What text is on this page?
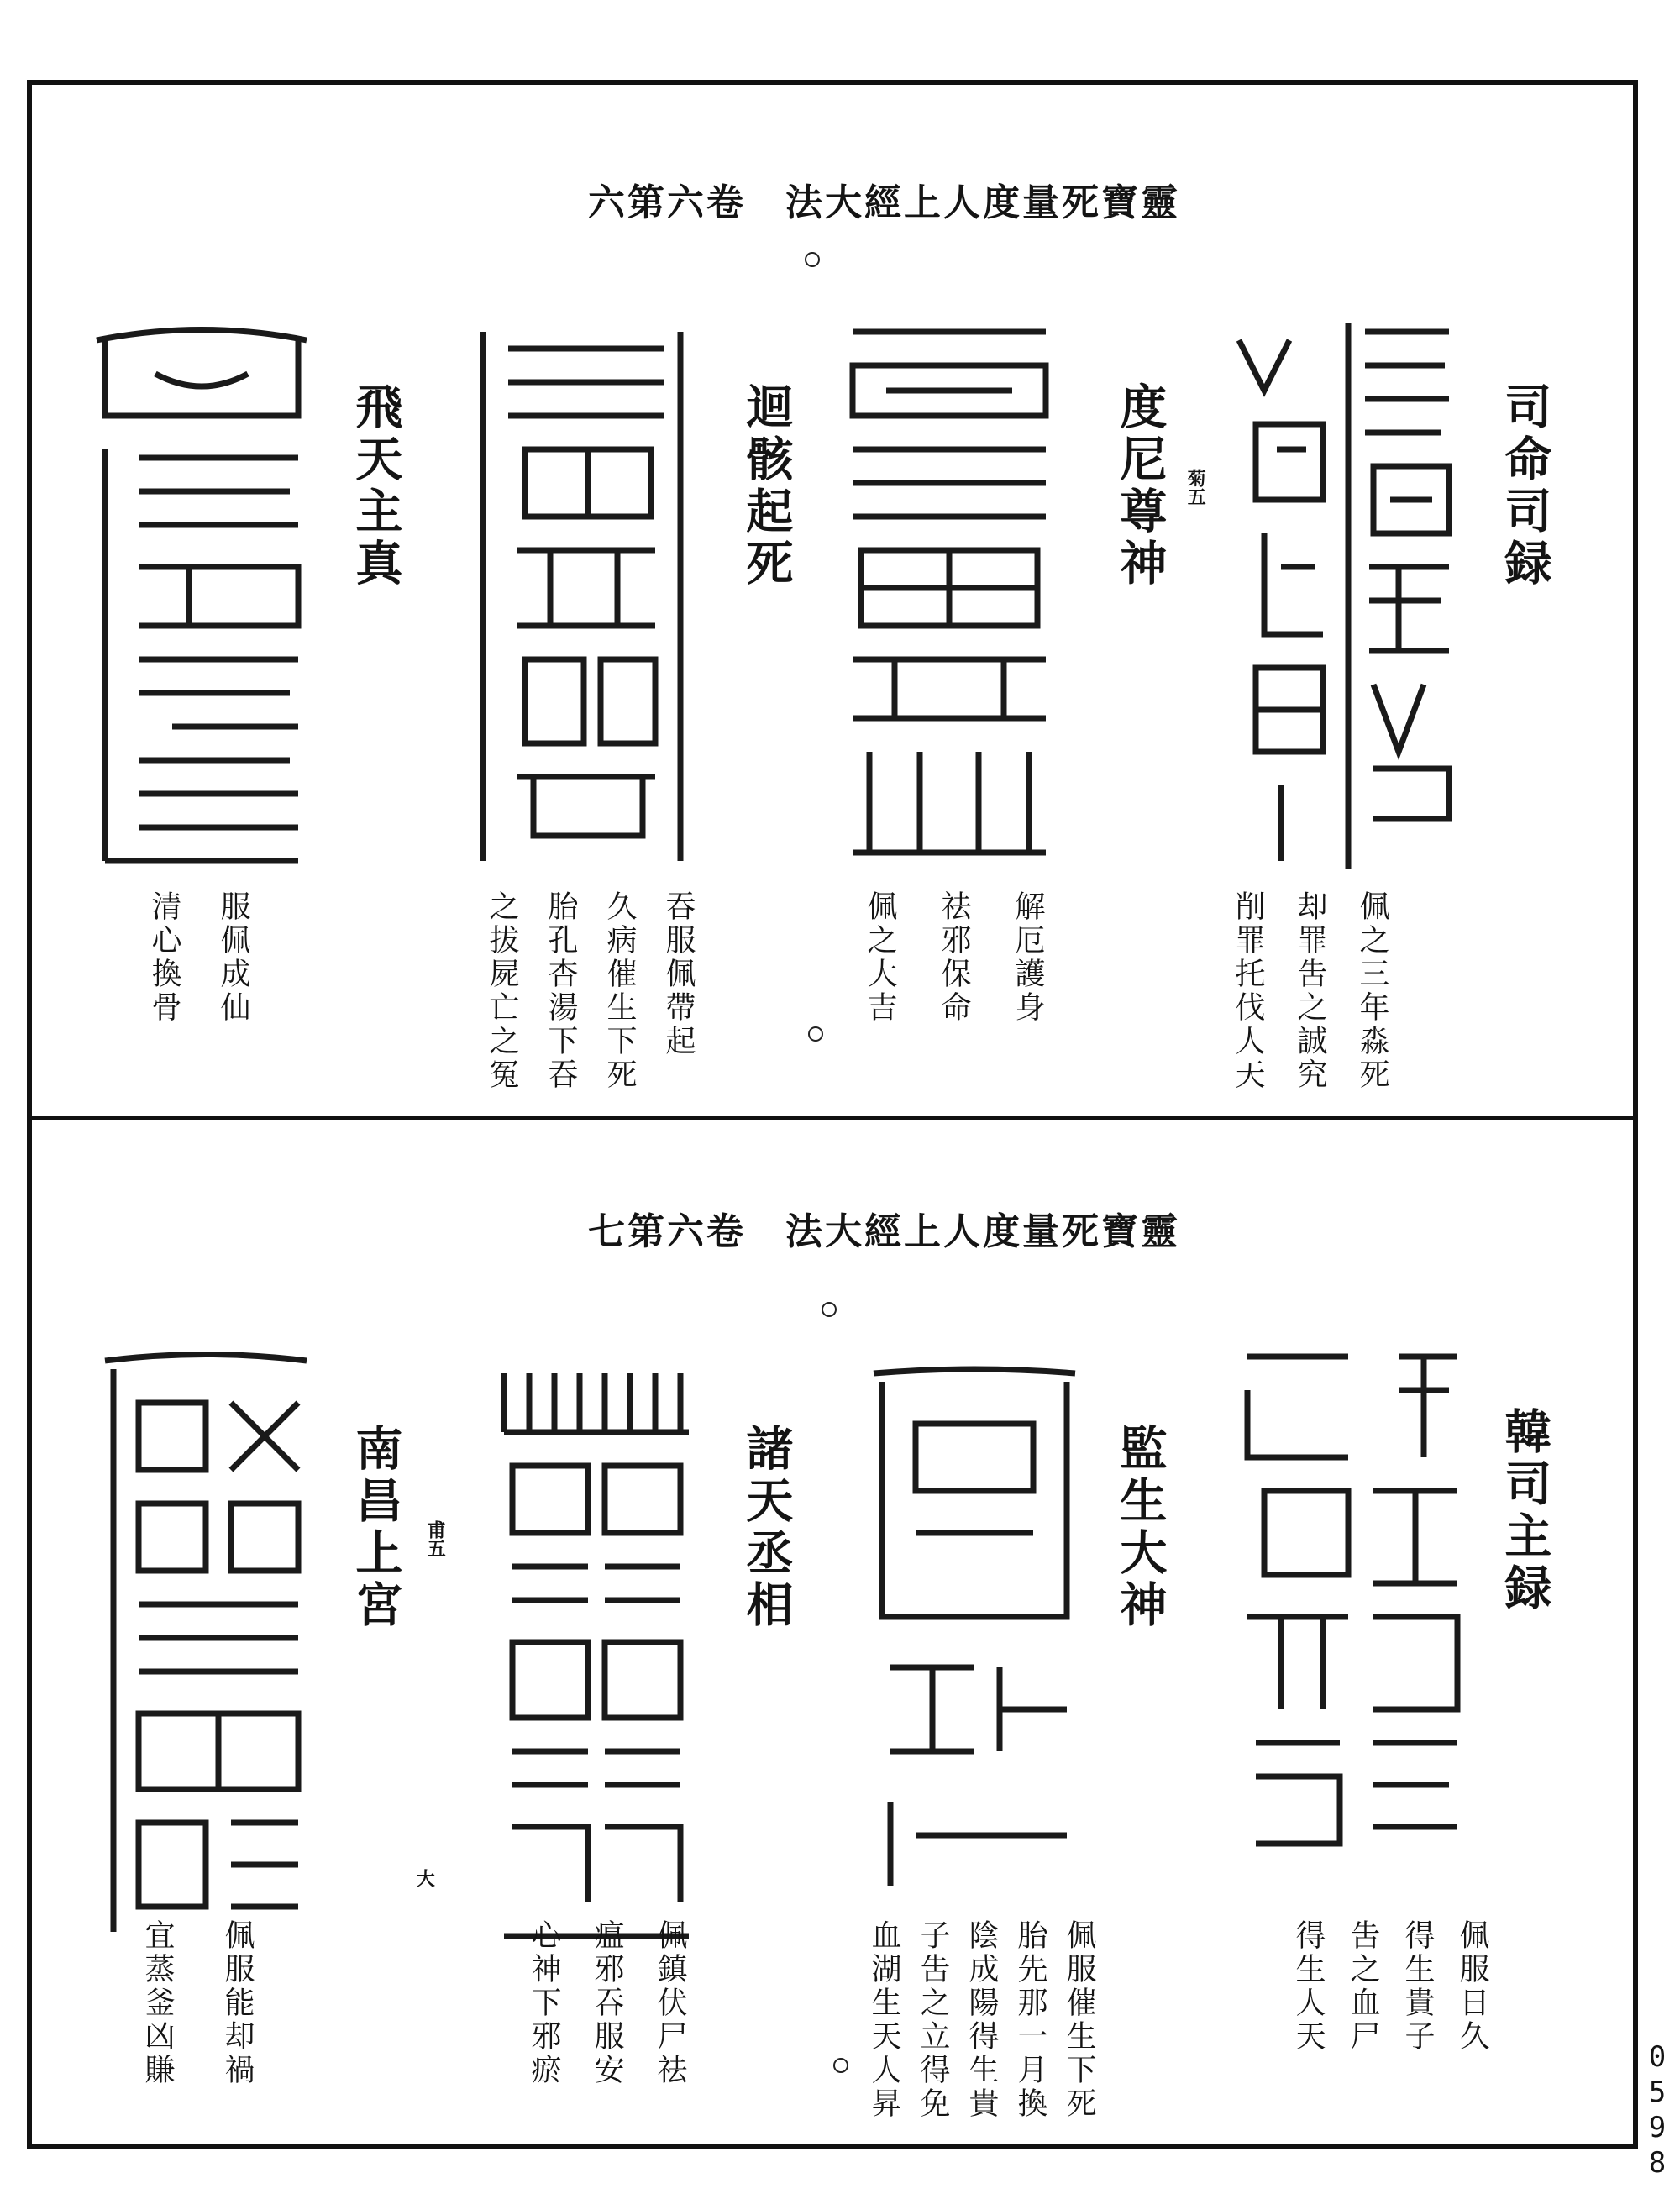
六第六卷　法大經上人度量死寶靈
司命司録
削罪托伐人天 却罪吿之誠究 佩之三年淼死
度尼尊神 菊五
佩之大吉 祛邪保命 解厄護身
迴骸起死
之拔屍亡之冤 胎孔杏湯下吞 久病催生下死 吞服佩帶起
飛天主真
清心換骨 服佩成仙
七第六卷　法大經上人度量死寶靈
韓司主録
得生人天 吿之血尸 得生貴子 佩服日久
監生大神
血湖生天人昇 子吿之立得免 陰成陽得生貴 胎先那一月換 佩服催生下死
諸天丞相
心神下邪瘀 瘟邪吞服安 佩鎮伏尸祛
南昌上宮 甫五
大
宜蒸釜凶賺 佩服能却禍	0598
